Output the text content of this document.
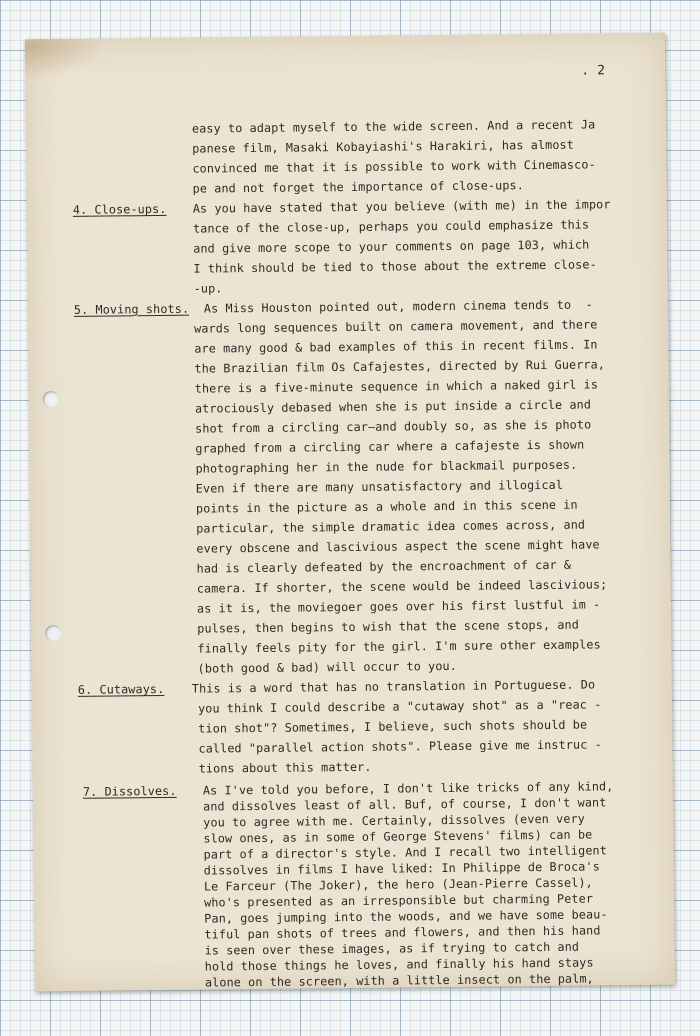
. 2
easy to adapt myself to the wide screen. And a recent Ja
panese film, Masaki Kobayiashi's Harakiri, has almost
convinced me that it is possible to work with Cinemasco-
pe and not forget the importance of close-ups.
4. Close-ups. As you have stated that you believe (with me) in the impor
tance of the close-up, perhaps you could emphasize this
and give more scope to your comments on page 103, which
I think should be tied to those about the extreme close-
-up.
5. Moving shots. As Miss Houston pointed out, modern cinema tends to  -
wards long sequences built on camera movement, and there
are many good & bad examples of this in recent films. In
the Brazilian film Os Cafajestes, directed by Rui Guerra,
there is a five-minute sequence in which a naked girl is
atrociously debased when she is put inside a circle and
shot from a circling car—and doubly so, as she is photo
graphed from a circling car where a cafajeste is shown
photographing her in the nude for blackmail purposes.
Even if there are many unsatisfactory and illogical
points in the picture as a whole and in this scene in
particular, the simple dramatic idea comes across, and
every obscene and lascivious aspect the scene might have
had is clearly defeated by the encroachment of car &
camera. If shorter, the scene would be indeed lascivious;
as it is, the moviegoer goes over his first lustful im -
pulses, then begins to wish that the scene stops, and
finally feels pity for the girl. I'm sure other examples
(both good & bad) will occur to you.
6. Cutaways. This is a word that has no translation in Portuguese. Do
you think I could describe a "cutaway shot" as a "reac -
tion shot"? Sometimes, I believe, such shots should be
called "parallel action shots". Please give me instruc -
tions about this matter.
7. Dissolves. As I've told you before, I don't like tricks of any kind,
and dissolves least of all. Buf, of course, I don't want
you to agree with me. Certainly, dissolves (even very
slow ones, as in some of George Stevens' films) can be
part of a director's style. And I recall two intelligent
dissolves in films I have liked: In Philippe de Broca's
Le Farceur (The Joker), the hero (Jean-Pierre Cassel),
who's presented as an irresponsible but charming Peter
Pan, goes jumping into the woods, and we have some beau-
tiful pan shots of trees and flowers, and then his hand
is seen over these images, as if trying to catch and
hold those things he loves, and finally his hand stays
alone on the screen, with a little insect on the palm,
